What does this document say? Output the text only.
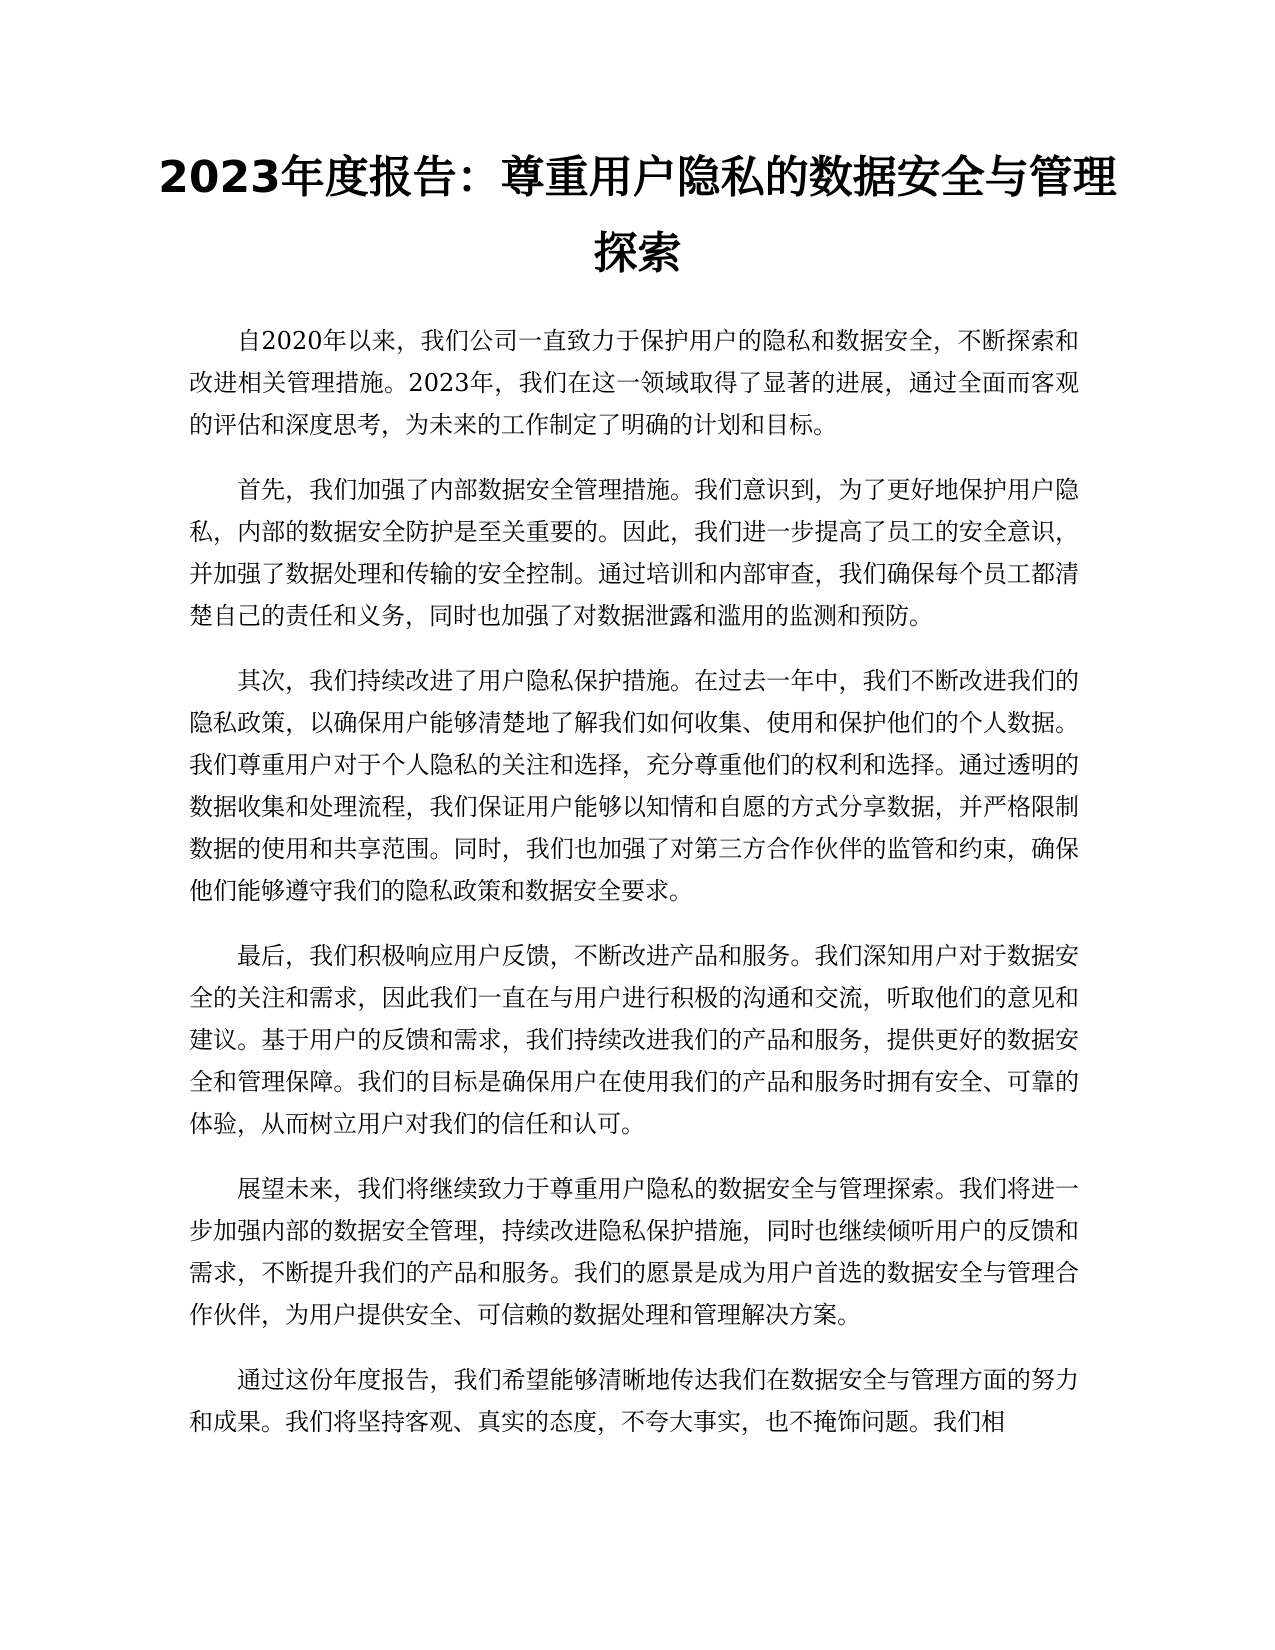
2023年度报告：尊重用户隐私的数据安全与管理探索

自2020年以来，我们公司一直致力于保护用户的隐私和数据安全，不断探索和改进相关管理措施。2023年，我们在这一领域取得了显著的进展，通过全面而客观的评估和深度思考，为未来的工作制定了明确的计划和目标。

首先，我们加强了内部数据安全管理措施。我们意识到，为了更好地保护用户隐私，内部的数据安全防护是至关重要的。因此，我们进一步提高了员工的安全意识，并加强了数据处理和传输的安全控制。通过培训和内部审查，我们确保每个员工都清楚自己的责任和义务，同时也加强了对数据泄露和滥用的监测和预防。

其次，我们持续改进了用户隐私保护措施。在过去一年中，我们不断改进我们的隐私政策，以确保用户能够清楚地了解我们如何收集、使用和保护他们的个人数据。我们尊重用户对于个人隐私的关注和选择，充分尊重他们的权利和选择。通过透明的数据收集和处理流程，我们保证用户能够以知情和自愿的方式分享数据，并严格限制数据的使用和共享范围。同时，我们也加强了对第三方合作伙伴的监管和约束，确保他们能够遵守我们的隐私政策和数据安全要求。

最后，我们积极响应用户反馈，不断改进产品和服务。我们深知用户对于数据安全的关注和需求，因此我们一直在与用户进行积极的沟通和交流，听取他们的意见和建议。基于用户的反馈和需求，我们持续改进我们的产品和服务，提供更好的数据安全和管理保障。我们的目标是确保用户在使用我们的产品和服务时拥有安全、可靠的体验，从而树立用户对我们的信任和认可。

展望未来，我们将继续致力于尊重用户隐私的数据安全与管理探索。我们将进一步加强内部的数据安全管理，持续改进隐私保护措施，同时也继续倾听用户的反馈和需求，不断提升我们的产品和服务。我们的愿景是成为用户首选的数据安全与管理合作伙伴，为用户提供安全、可信赖的数据处理和管理解决方案。

通过这份年度报告，我们希望能够清晰地传达我们在数据安全与管理方面的努力和成果。我们将坚持客观、真实的态度，不夸大事实，也不掩饰问题。我们相
